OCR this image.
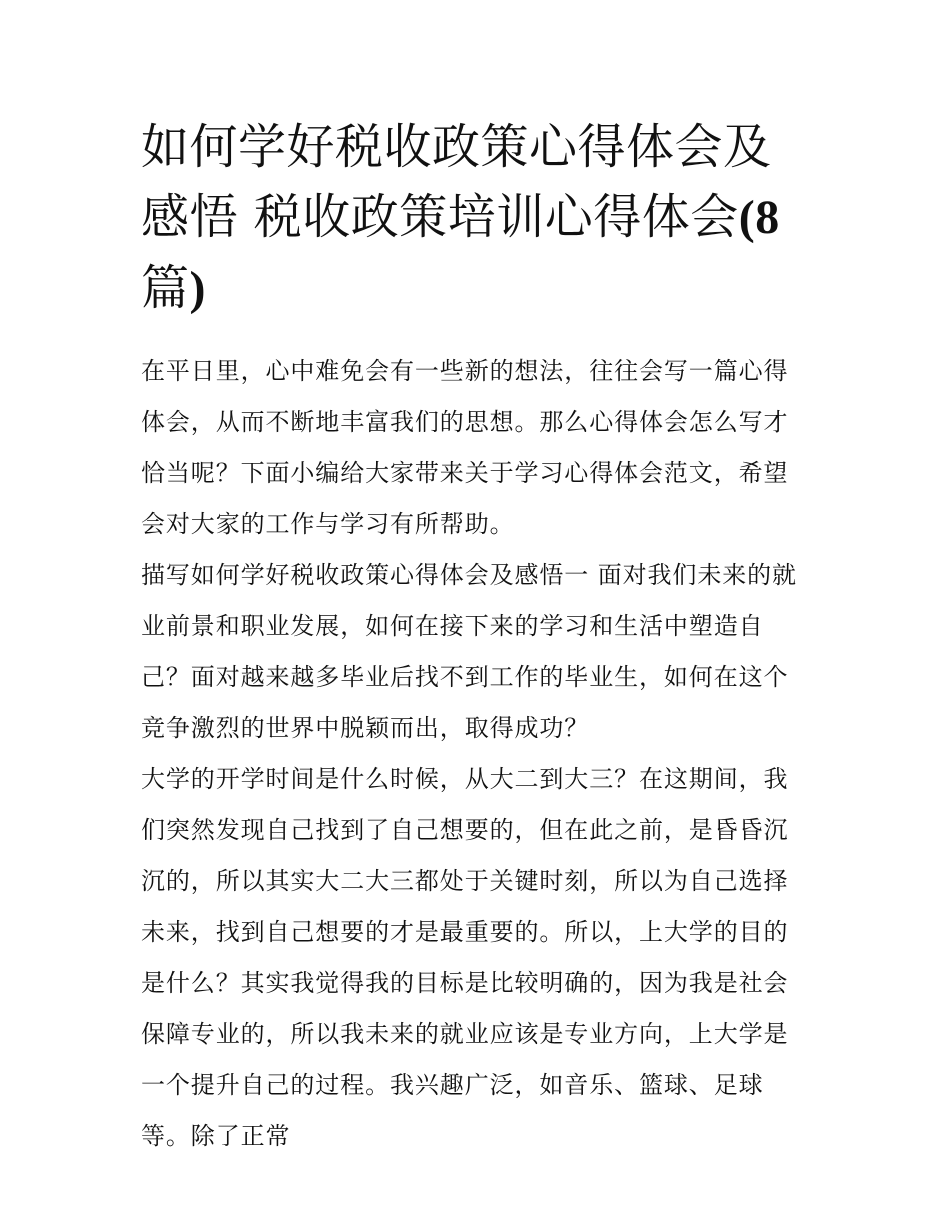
如何学好税收政策心得体会及
感悟 税收政策培训心得体会(8
篇)

在平日里，心中难免会有一些新的想法，往往会写一篇心得体会，从而不断地丰富我们的思想。那么心得体会怎么写才恰当呢？下面小编给大家带来关于学习心得体会范文，希望会对大家的工作与学习有所帮助。

描写如何学好税收政策心得体会及感悟一 面对我们未来的就业前景和职业发展，如何在接下来的学习和生活中塑造自己？面对越来越多毕业后找不到工作的毕业生，如何在这个竞争激烈的世界中脱颖而出，取得成功？

大学的开学时间是什么时候，从大二到大三？在这期间，我们突然发现自己找到了自己想要的，但在此之前，是昏昏沉沉的，所以其实大二大三都处于关键时刻，所以为自己选择未来，找到自己想要的才是最重要的。所以，上大学的目的是什么？其实我觉得我的目标是比较明确的，因为我是社会保障专业的，所以我未来的就业应该是专业方向，上大学是一个提升自己的过程。我兴趣广泛，如音乐、篮球、足球等。除了正常
